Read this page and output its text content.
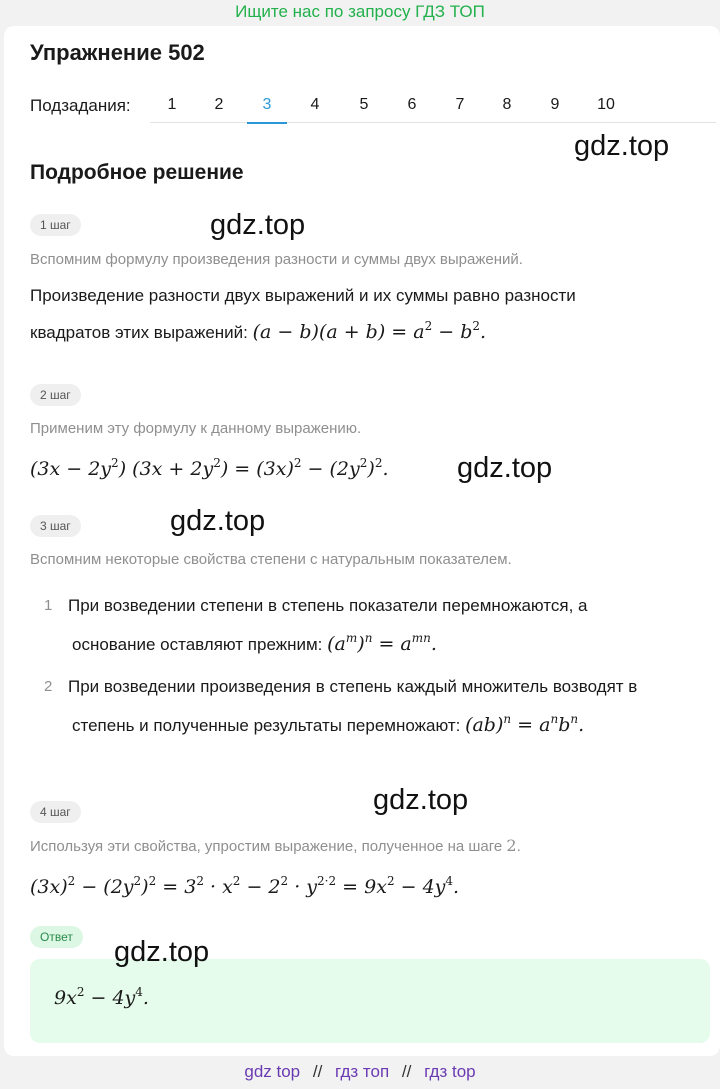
Ищите нас по запросу ГДЗ ТОП
Упражнение 502
Подзадания:	1	2	3	4	5	6	7	8	9	10
gdz.top
Подробное решение
1 шаг	gdz.top
Вспомним формулу произведения разности и суммы двух выражений.
Произведение разности двух выражений и их суммы равно разности
квадратов этих выражений: $(a - b)(a + b) = a^2 - b^2$.
2 шаг
Применим эту формулу к данному выражению.
$(3x - 2y^2)$ $(3x + 2y^2) = (3x)^2 - (2y^2)^2$.	gdz.top
3 шаг	gdz.top
Вспомним некоторые свойства степени с натуральным показателем.
1 При возведении степени в степень показатели перемножаются, а
основание оставляют прежним: $(a^m)^n = a^{mn}$.
2 При возведении произведения в степень каждый множитель возводят в
степень и полученные результаты перемножают: $(ab)^n = a^nb^n$.
gdz.top
4 шаг
Используя эти свойства, упростим выражение, полученное на шаге 2.
$(3x)^2 - (2y^2)^2 = 3^2 \cdot x^2 - 2^2 \cdot y^{2\cdot 2} = 9x^2 - 4y^4$.
Ответ
$9x^2 - 4y^4$.
gdz.top
gdz top // гдз топ // гдз top
